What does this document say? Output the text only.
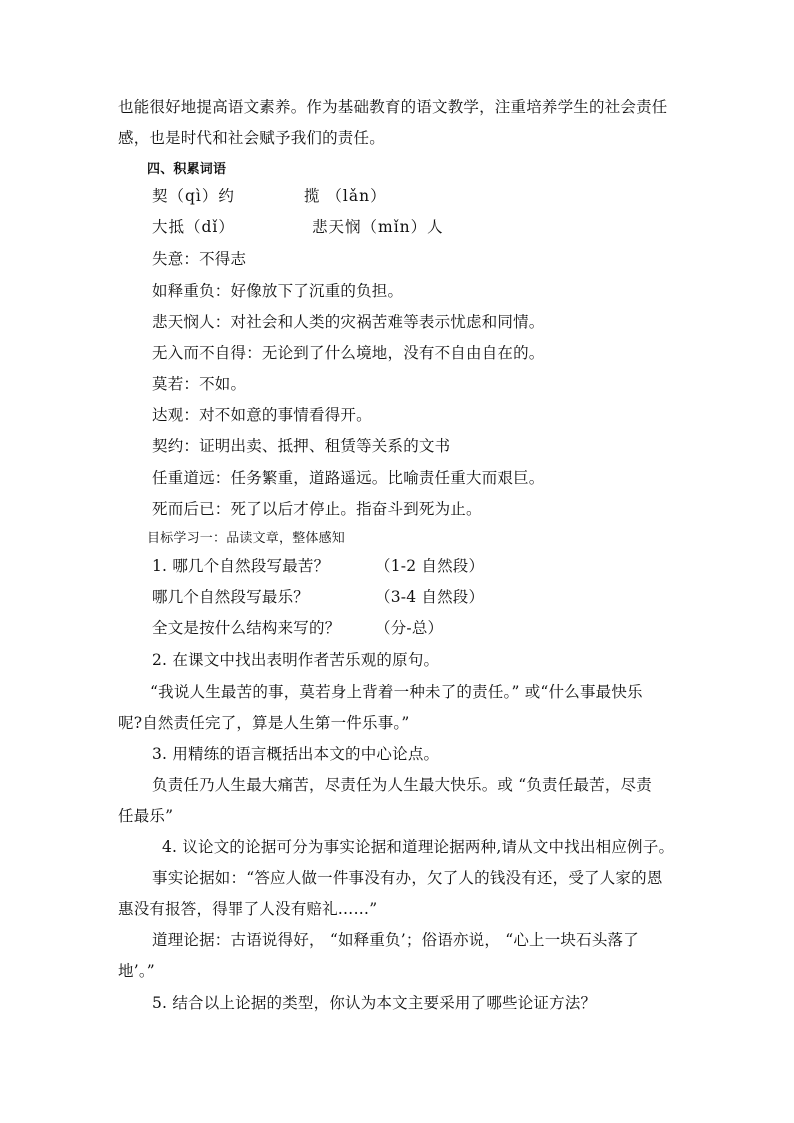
也能很好地提高语文素养。作为基础教育的语文教学，注重培养学生的社会责任
感，也是时代和社会赋予我们的责任。
四、积累词语
契（qì）约	揽 （lǎn）
大抵（dǐ）	悲天悯（mǐn）人
失意：不得志
如释重负：好像放下了沉重的负担。
悲天悯人：对社会和人类的灾祸苦难等表示忧虑和同情。
无入而不自得：无论到了什么境地，没有不自由自在的。
莫若：不如。
达观：对不如意的事情看得开。
契约：证明出卖、抵押、租赁等关系的文书
任重道远：任务繁重，道路遥远。比喻责任重大而艰巨。
死而后已：死了以后才停止。指奋斗到死为止。
目标学习一：品读文章，整体感知
1. 哪几个自然段写最苦？	（1-2 自然段）
哪几个自然段写最乐？	（3-4 自然段）
全文是按什么结构来写的？ （分-总）
2. 在课文中找出表明作者苦乐观的原句。
“我说人生最苦的事，莫若身上背着一种未了的责任。” 或“什么事最快乐
呢?自然责任完了，算是人生第一件乐事。”
3. 用精练的语言概括出本文的中心论点。
负责任乃人生最大痛苦，尽责任为人生最大快乐。或 “负责任最苦，尽责
任最乐”
4. 议论文的论据可分为事实论据和道理论据两种,请从文中找出相应例子。
事实论据如：“答应人做一件事没有办，欠了人的钱没有还，受了人家的恩
惠没有报答，得罪了人没有赔礼……”
道理论据：古语说得好， “如释重负’；俗语亦说， “心上一块石头落了
地’。”
5. 结合以上论据的类型，你认为本文主要采用了哪些论证方法？
